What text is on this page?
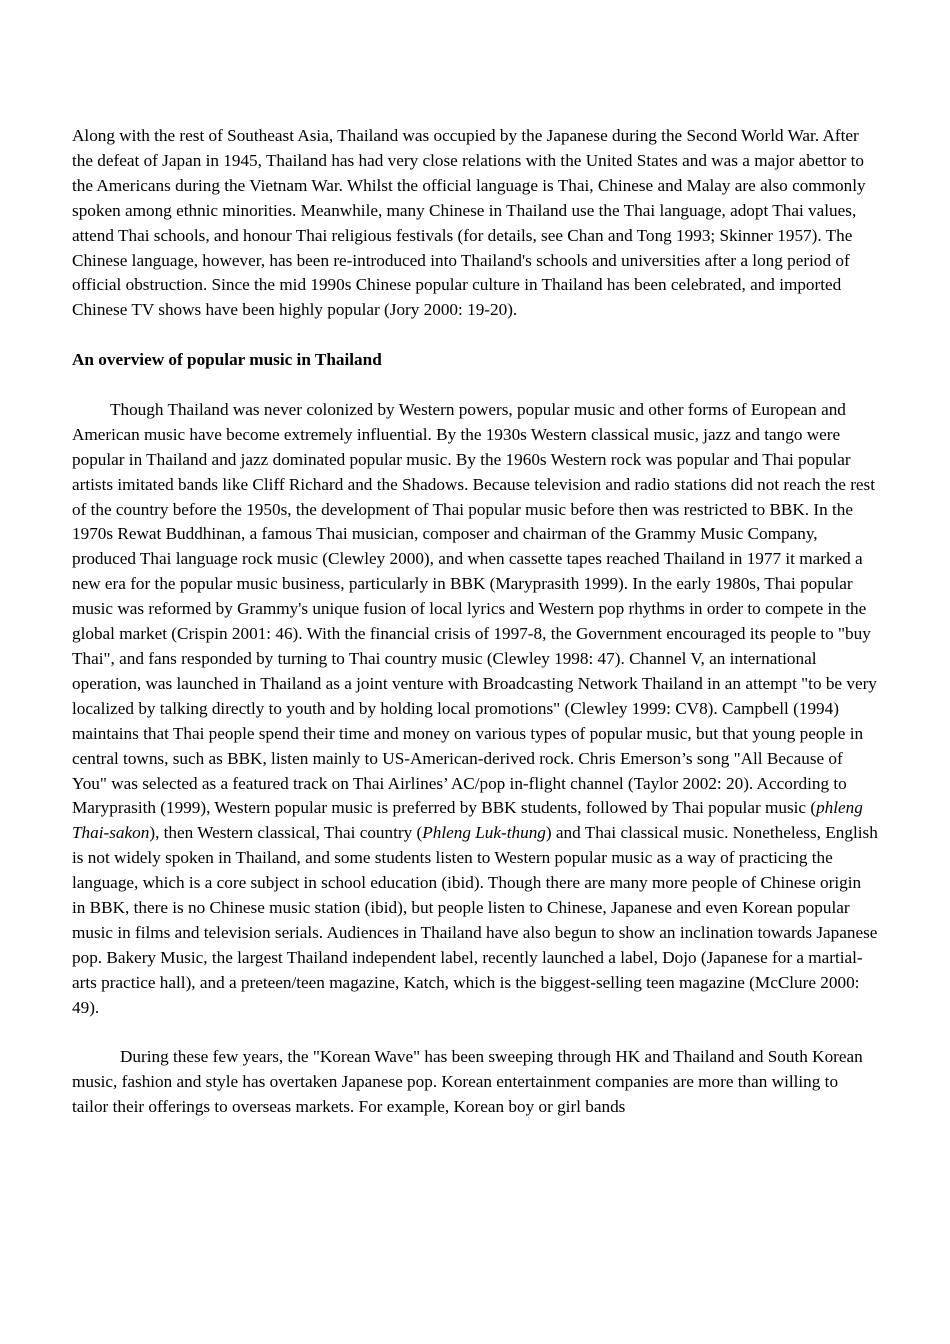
Along with the rest of Southeast Asia, Thailand was occupied by the Japanese during the Second World War. After the defeat of Japan in 1945, Thailand has had very close relations with the United States and was a major abettor to the Americans during the Vietnam War. Whilst the official language is Thai, Chinese and Malay are also commonly spoken among ethnic minorities. Meanwhile, many Chinese in Thailand use the Thai language, adopt Thai values, attend Thai schools, and honour Thai religious festivals (for details, see Chan and Tong 1993; Skinner 1957). The Chinese language, however, has been re-introduced into Thailand's schools and universities after a long period of official obstruction. Since the mid 1990s Chinese popular culture in Thailand has been celebrated, and imported Chinese TV shows have been highly popular (Jory 2000: 19-20).

An overview of popular music in Thailand

Though Thailand was never colonized by Western powers, popular music and other forms of European and American music have become extremely influential. By the 1930s Western classical music, jazz and tango were popular in Thailand and jazz dominated popular music. By the 1960s Western rock was popular and Thai popular artists imitated bands like Cliff Richard and the Shadows. Because television and radio stations did not reach the rest of the country before the 1950s, the development of Thai popular music before then was restricted to BBK. In the 1970s Rewat Buddhinan, a famous Thai musician, composer and chairman of the Grammy Music Company, produced Thai language rock music (Clewley 2000), and when cassette tapes reached Thailand in 1977 it marked a new era for the popular music business, particularly in BBK (Maryprasith 1999). In the early 1980s, Thai popular music was reformed by Grammy's unique fusion of local lyrics and Western pop rhythms in order to compete in the global market (Crispin 2001: 46). With the financial crisis of 1997-8, the Government encouraged its people to "buy Thai", and fans responded by turning to Thai country music (Clewley 1998: 47). Channel V, an international operation, was launched in Thailand as a joint venture with Broadcasting Network Thailand in an attempt "to be very localized by talking directly to youth and by holding local promotions" (Clewley 1999: CV8). Campbell (1994) maintains that Thai people spend their time and money on various types of popular music, but that young people in central towns, such as BBK, listen mainly to US-American-derived rock. Chris Emerson’s song "All Because of You" was selected as a featured track on Thai Airlines’ AC/pop in-flight channel (Taylor 2002: 20). According to Maryprasith (1999), Western popular music is preferred by BBK students, followed by Thai popular music (phleng Thai-sakon), then Western classical, Thai country (Phleng Luk-thung) and Thai classical music. Nonetheless, English is not widely spoken in Thailand, and some students listen to Western popular music as a way of practicing the language, which is a core subject in school education (ibid). Though there are many more people of Chinese origin in BBK, there is no Chinese music station (ibid), but people listen to Chinese, Japanese and even Korean popular music in films and television serials. Audiences in Thailand have also begun to show an inclination towards Japanese pop. Bakery Music, the largest Thailand independent label, recently launched a label, Dojo (Japanese for a martial-arts practice hall), and a preteen/teen magazine, Katch, which is the biggest-selling teen magazine (McClure 2000: 49).

During these few years, the "Korean Wave" has been sweeping through HK and Thailand and South Korean music, fashion and style has overtaken Japanese pop. Korean entertainment companies are more than willing to tailor their offerings to overseas markets. For example, Korean boy or girl bands
